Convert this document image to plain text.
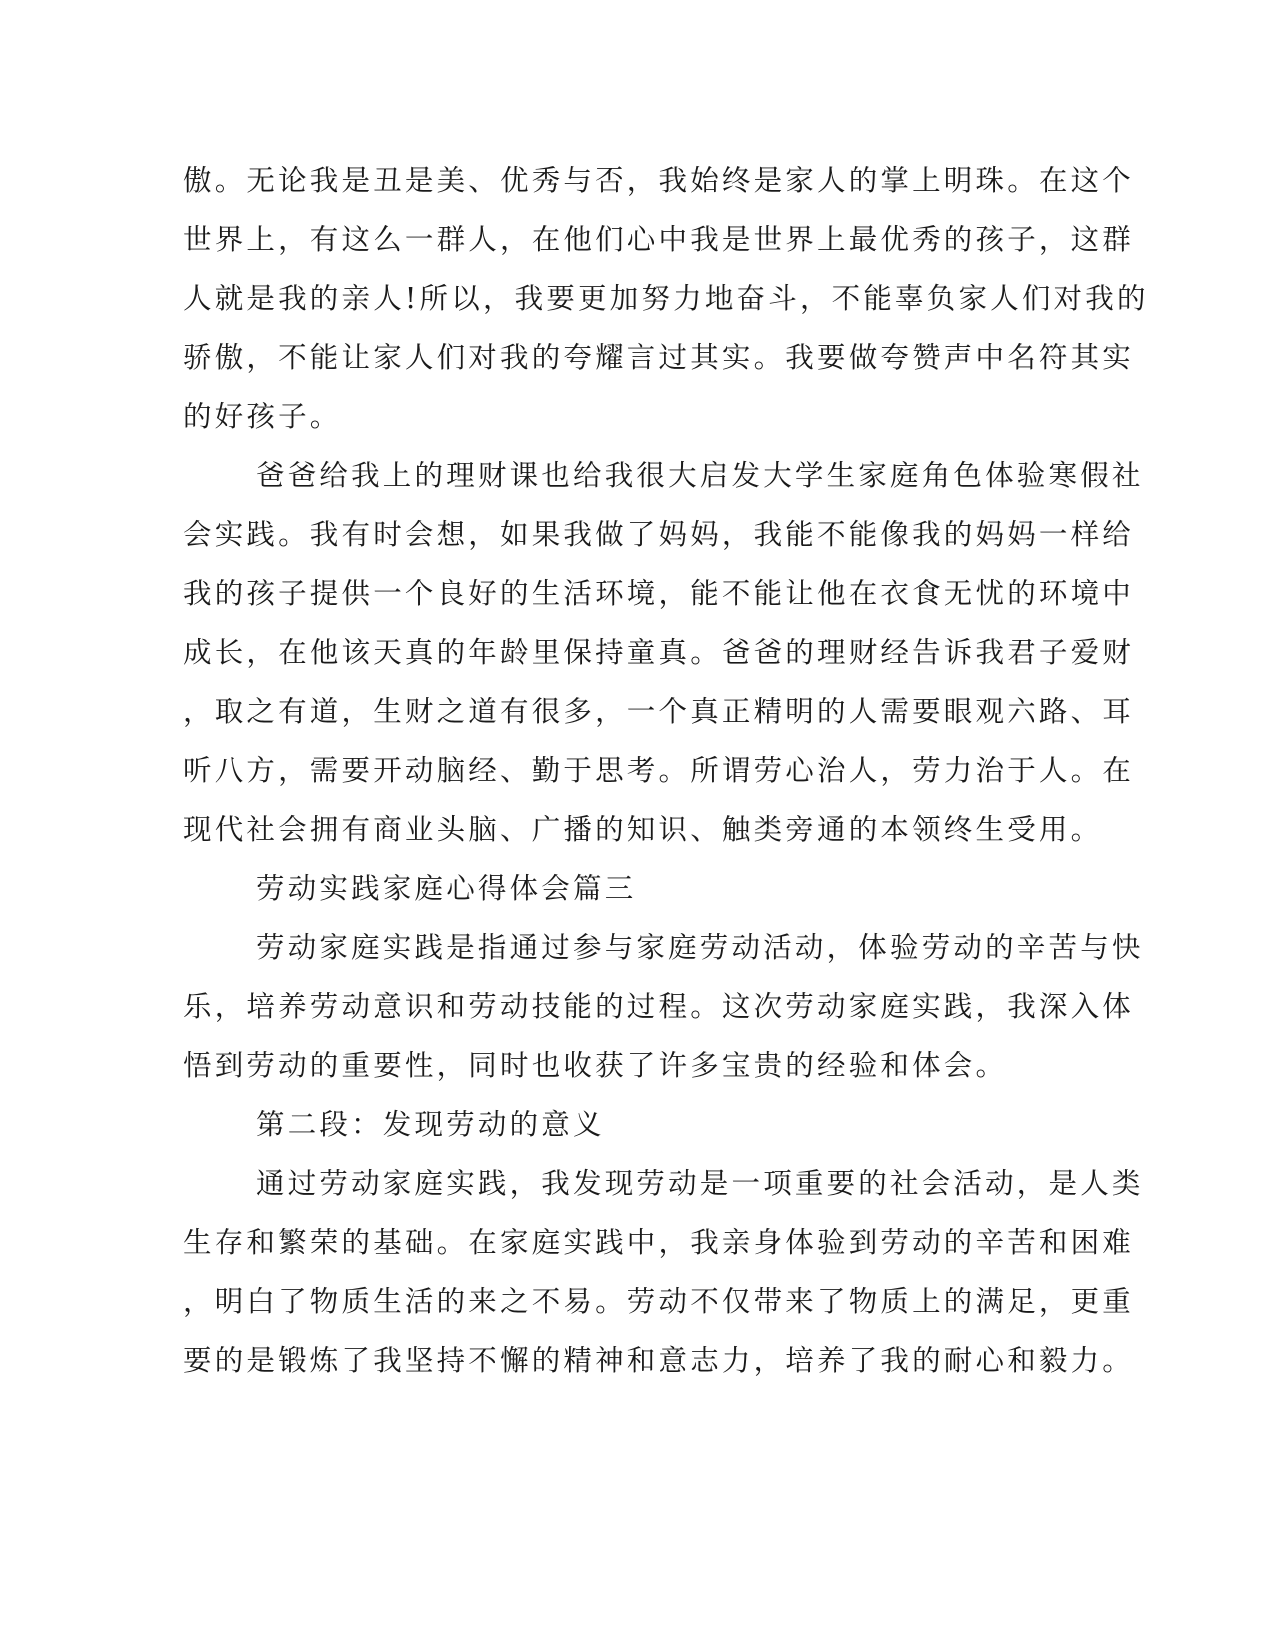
傲。无论我是丑是美、优秀与否，我始终是家人的掌上明珠。在这个
世界上，有这么一群人，在他们心中我是世界上最优秀的孩子，这群
人就是我的亲人!所以，我要更加努力地奋斗，不能辜负家人们对我的
骄傲，不能让家人们对我的夸耀言过其实。我要做夸赞声中名符其实
的好孩子。
爸爸给我上的理财课也给我很大启发大学生家庭角色体验寒假社
会实践。我有时会想，如果我做了妈妈，我能不能像我的妈妈一样给
我的孩子提供一个良好的生活环境，能不能让他在衣食无忧的环境中
成长，在他该天真的年龄里保持童真。爸爸的理财经告诉我君子爱财
，取之有道，生财之道有很多，一个真正精明的人需要眼观六路、耳
听八方，需要开动脑经、勤于思考。所谓劳心治人，劳力治于人。在
现代社会拥有商业头脑、广播的知识、触类旁通的本领终生受用。
劳动实践家庭心得体会篇三
劳动家庭实践是指通过参与家庭劳动活动，体验劳动的辛苦与快
乐，培养劳动意识和劳动技能的过程。这次劳动家庭实践，我深入体
悟到劳动的重要性，同时也收获了许多宝贵的经验和体会。
第二段：发现劳动的意义
通过劳动家庭实践，我发现劳动是一项重要的社会活动，是人类
生存和繁荣的基础。在家庭实践中，我亲身体验到劳动的辛苦和困难
，明白了物质生活的来之不易。劳动不仅带来了物质上的满足，更重
要的是锻炼了我坚持不懈的精神和意志力，培养了我的耐心和毅力。
